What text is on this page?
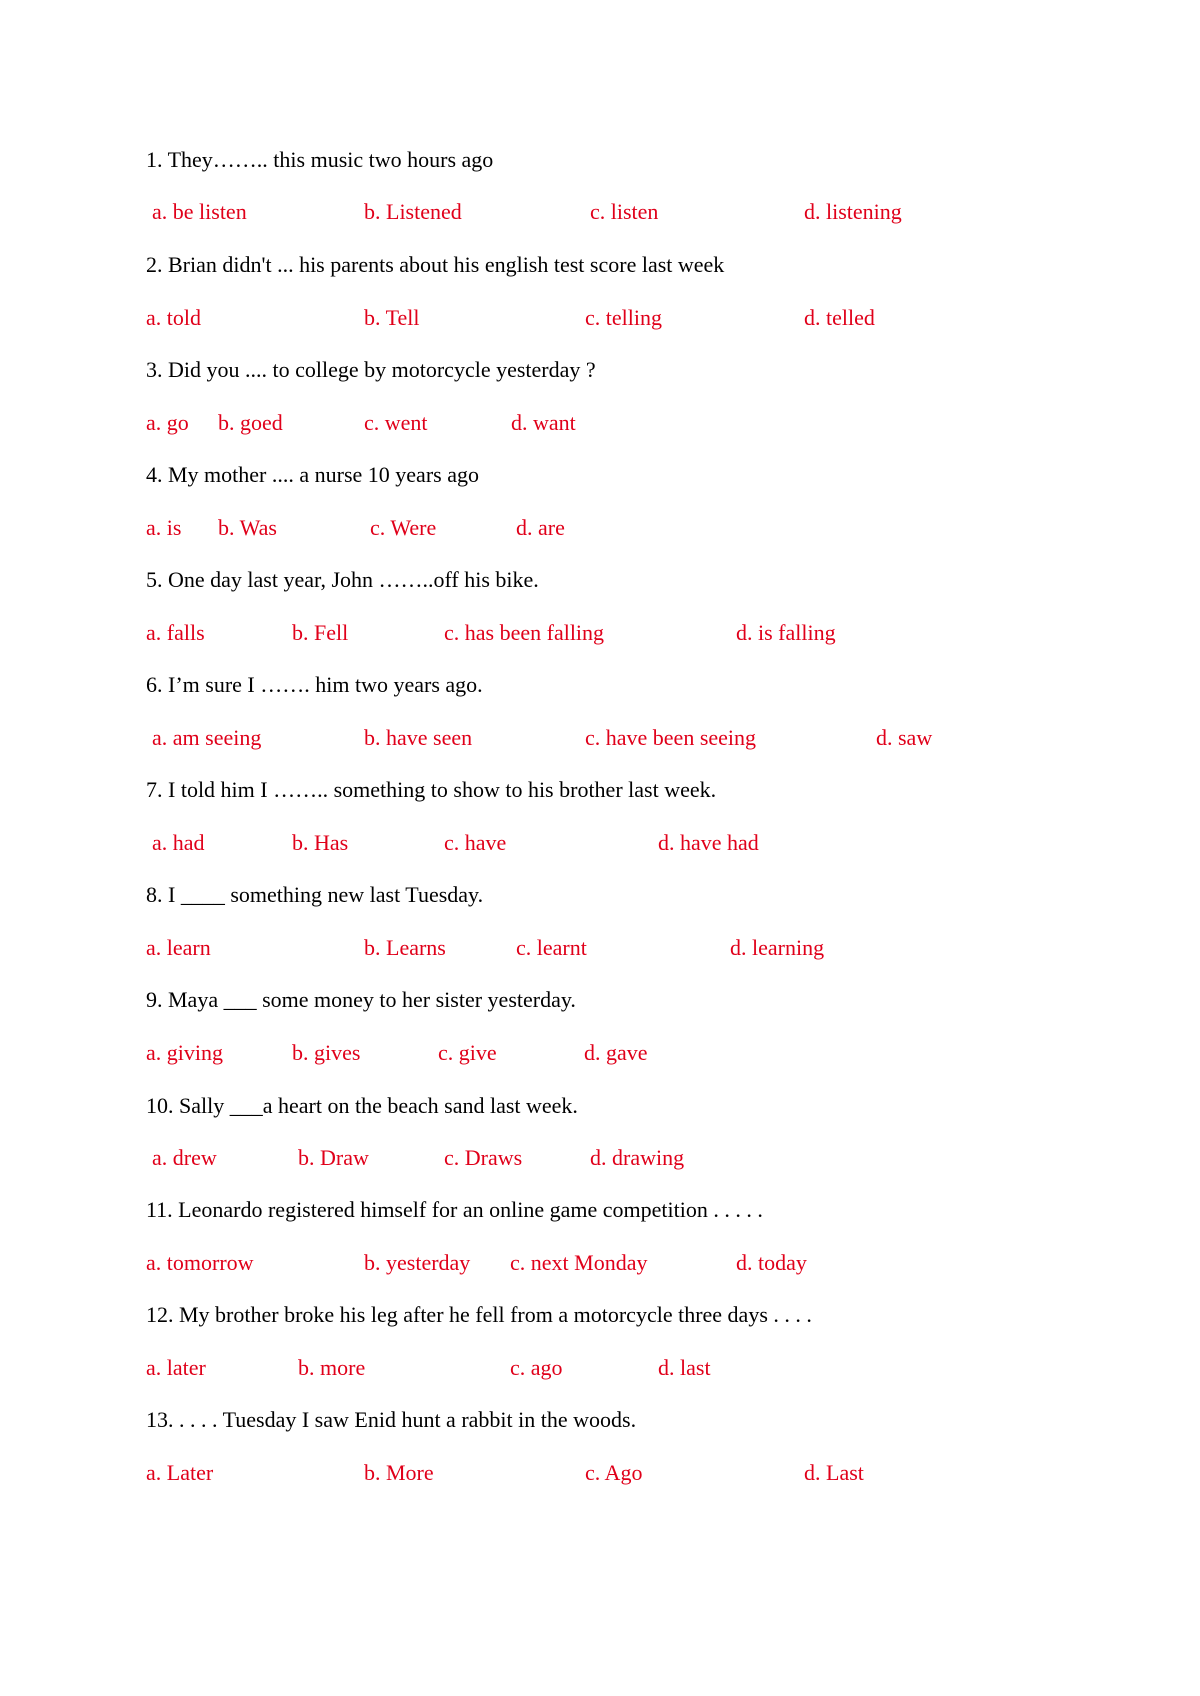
1. They…….. this music two hours ago
a. be listen	b. Listened	c. listen	d. listening
2. Brian didn't ... his parents about his english test score last week
a. told	b. Tell	c. telling	d. telled
3. Did you .... to college by motorcycle yesterday ?
a. go b. goed	c. went	d. want
4. My mother .... a nurse 10 years ago
a. is b. Was	c. Were	d. are
5. One day last year, John ……..off his bike.
a. falls	b. Fell	c. has been falling	d. is falling
6. I’m sure I ……. him two years ago.
a. am seeing	b. have seen	c. have been seeing	d. saw
7. I told him I …….. something to show to his brother last week.
a. had	b. Has	c. have	d. have had
8. I ____ something new last Tuesday.
a. learn	b. Learns	c. learnt	d. learning
9. Maya ___ some money to her sister yesterday.
a. giving	b. gives	c. give	d. gave
10. Sally ___a heart on the beach sand last week.
a. drew	b. Draw	c. Draws	d. drawing
11. Leonardo registered himself for an online game competition . . . . .
a. tomorrow	b. yesterday c. next Monday	d. today
12. My brother broke his leg after he fell from a motorcycle three days . . . .
a. later	b. more	c. ago	d. last
13. . . . . Tuesday I saw Enid hunt a rabbit in the woods.
a. Later	b. More	c. Ago	d. Last
